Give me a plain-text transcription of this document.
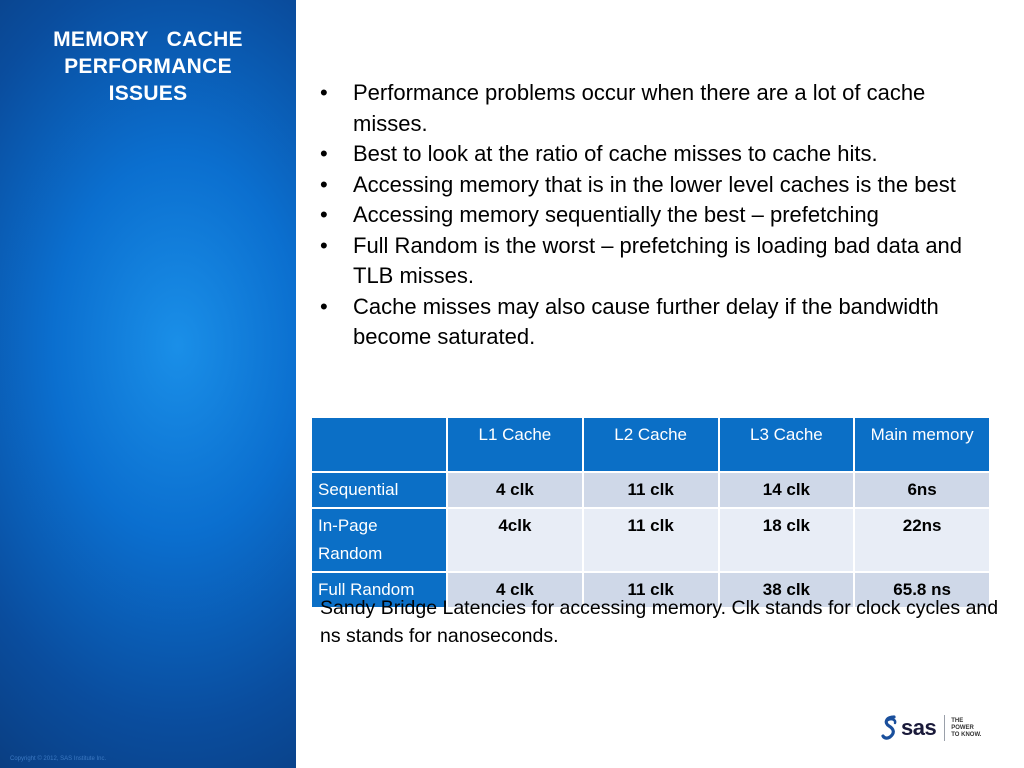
MEMORY   CACHE
PERFORMANCE
ISSUES
Copyright © 2012, SAS Institute Inc.
• Performance problems occur when there are a lot of cache misses.
• Best to look at the ratio of cache misses to cache hits.
• Accessing memory that is in the lower level caches is the best
• Accessing memory sequentially the best – prefetching
• Full Random is the worst – prefetching is loading bad data and TLB misses.
• Cache misses may also cause further delay if the bandwidth become saturated.
	L1 Cache	L2 Cache	L3 Cache	Main memory
Sequential	4 clk	11 clk	14 clk	6ns
In-Page Random	4clk	11 clk	18 clk	22ns
Full Random	4 clk	11 clk	38 clk	65.8 ns
Sandy Bridge Latencies for accessing memory. Clk stands for clock cycles and ns stands for nanoseconds.
sas	THE
POWER
TO KNOW.
